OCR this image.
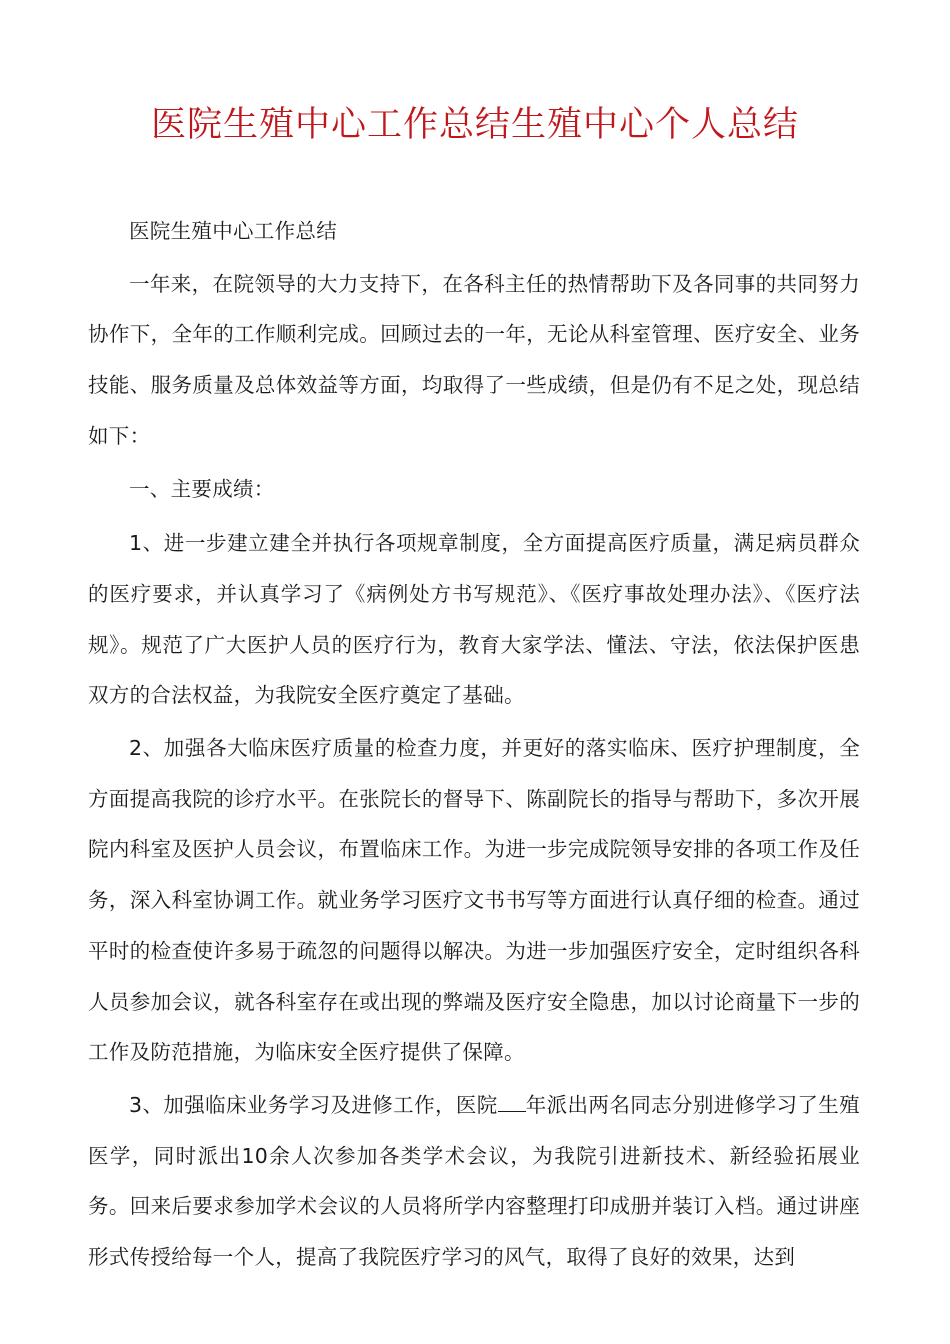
医院生殖中心工作总结生殖中心个人总结

医院生殖中心工作总结

一年来，在院领导的大力支持下，在各科主任的热情帮助下及各同事的共同努力协作下，全年的工作顺利完成。回顾过去的一年，无论从科室管理、医疗安全、业务技能、服务质量及总体效益等方面，均取得了一些成绩，但是仍有不足之处，现总结如下：

一、主要成绩：

1、进一步建立建全并执行各项规章制度，全方面提高医疗质量，满足病员群众的医疗要求，并认真学习了《病例处方书写规范》、《医疗事故处理办法》、《医疗法规》。规范了广大医护人员的医疗行为，教育大家学法、懂法、守法，依法保护医患双方的合法权益，为我院安全医疗奠定了基础。

2、加强各大临床医疗质量的检查力度，并更好的落实临床、医疗护理制度，全方面提高我院的诊疗水平。在张院长的督导下、陈副院长的指导与帮助下，多次开展院内科室及医护人员会议，布置临床工作。为进一步完成院领导安排的各项工作及任务，深入科室协调工作。就业务学习医疗文书书写等方面进行认真仔细的检查。通过平时的检查使许多易于疏忽的问题得以解决。为进一步加强医疗安全，定时组织各科人员参加会议，就各科室存在或出现的弊端及医疗安全隐患，加以讨论商量下一步的工作及防范措施，为临床安全医疗提供了保障。

3、加强临床业务学习及进修工作，医院 年派出两名同志分别进修学习了生殖医学，同时派出10余人次参加各类学术会议，为我院引进新技术、新经验拓展业务。回来后要求参加学术会议的人员将所学内容整理打印成册并装订入档。通过讲座形式传授给每一个人，提高了我院医疗学习的风气，取得了良好的效果，达到
